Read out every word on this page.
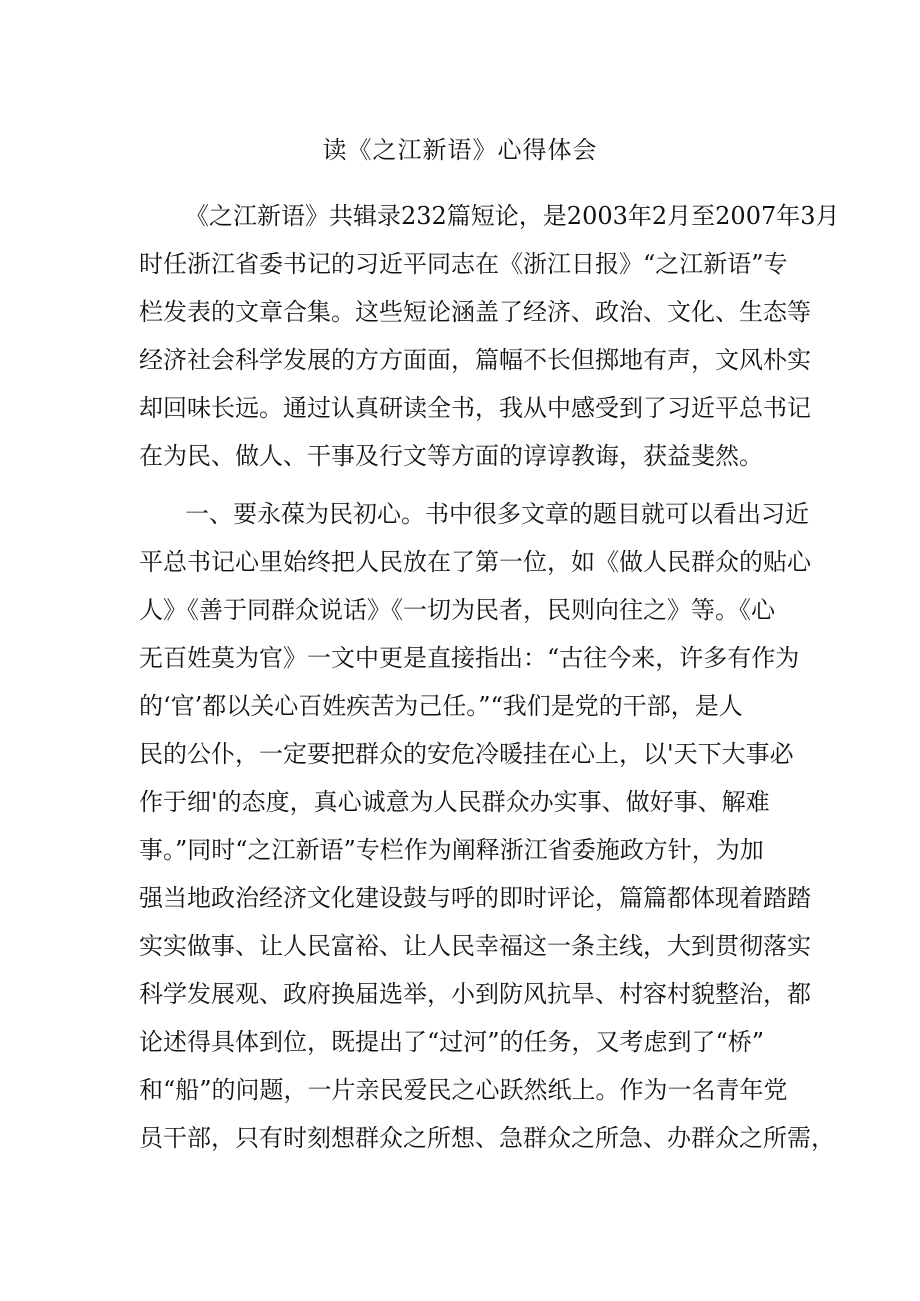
读《之江新语》心得体会
《之江新语》共辑录232篇短论，是2003年2月至2007年3月
时任浙江省委书记的习近平同志在《浙江日报》“之江新语”专
栏发表的文章合集。这些短论涵盖了经济、政治、文化、生态等
经济社会科学发展的方方面面，篇幅不长但掷地有声，文风朴实
却回味长远。通过认真研读全书，我从中感受到了习近平总书记
在为民、做人、干事及行文等方面的谆谆教诲，获益斐然。
一、要永葆为民初心。书中很多文章的题目就可以看出习近
平总书记心里始终把人民放在了第一位，如《做人民群众的贴心
人》《善于同群众说话》《一切为民者，民则向往之》等。《心
无百姓莫为官》一文中更是直接指出：“古往今来，许多有作为
的‘官’都以关心百姓疾苦为己任。”“我们是党的干部，是人
民的公仆，一定要把群众的安危冷暖挂在心上，以'天下大事必
作于细'的态度，真心诚意为人民群众办实事、做好事、解难
事。”同时“之江新语”专栏作为阐释浙江省委施政方针，为加
强当地政治经济文化建设鼓与呼的即时评论，篇篇都体现着踏踏
实实做事、让人民富裕、让人民幸福这一条主线，大到贯彻落实
科学发展观、政府换届选举，小到防风抗旱、村容村貌整治，都
论述得具体到位，既提出了“过河”的任务，又考虑到了“桥”
和“船”的问题，一片亲民爱民之心跃然纸上。作为一名青年党
员干部，只有时刻想群众之所想、急群众之所急、办群众之所需，
